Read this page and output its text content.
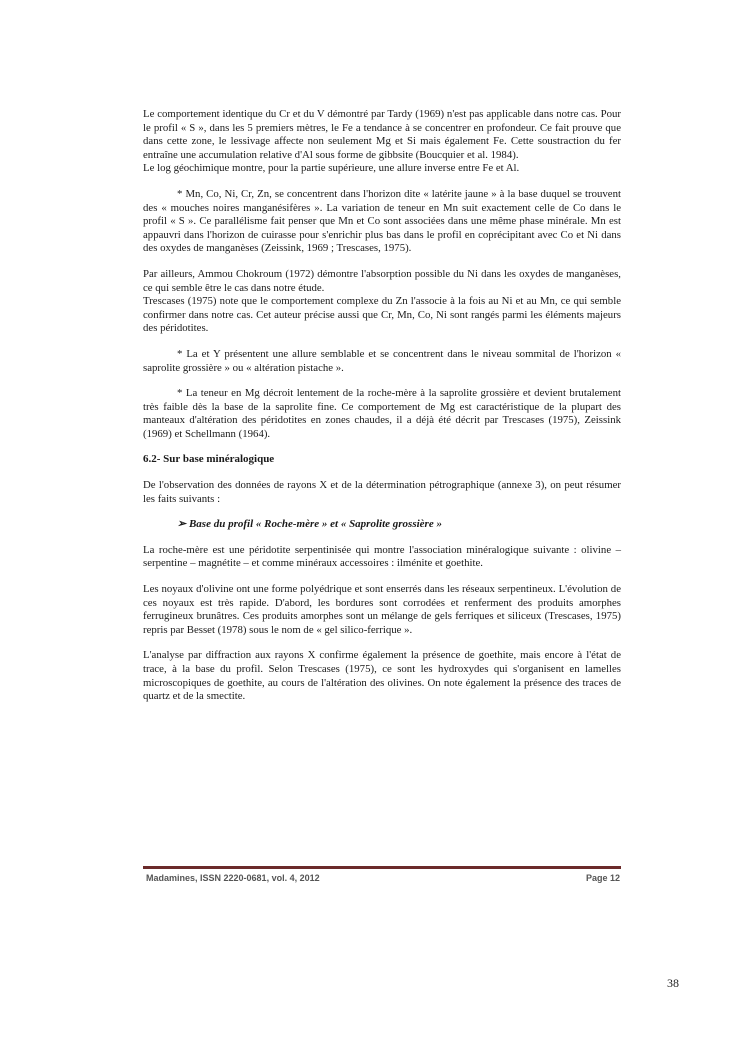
Le comportement identique du Cr et du V démontré par Tardy (1969) n'est pas applicable dans notre cas. Pour le profil « S », dans les 5 premiers mètres, le Fe a tendance à se concentrer en profondeur. Ce fait prouve que dans cette zone, le lessivage affecte non seulement Mg et Si mais également Fe. Cette soustraction du fer entraîne une accumulation relative d'Al sous forme de gibbsite (Boucquier et al. 1984).

Le log géochimique montre, pour la partie supérieure, une allure inverse entre Fe et Al.

* Mn, Co, Ni, Cr, Zn, se concentrent dans l'horizon dite « latérite jaune » à la base duquel se trouvent des « mouches noires manganésifères ». La variation de teneur en Mn suit exactement celle de Co dans le profil « S ». Ce parallélisme fait penser que Mn et Co sont associées dans une même phase minérale. Mn est appauvri dans l'horizon de cuirasse pour s'enrichir plus bas dans le profil en coprécipitant avec Co et Ni dans des oxydes de manganèses (Zeissink, 1969 ; Trescases, 1975).

Par ailleurs, Ammou Chokroum (1972) démontre l'absorption possible du Ni dans les oxydes de manganèses, ce qui semble être le cas dans notre étude.

Trescases (1975) note que le comportement complexe du Zn l'associe à la fois au Ni et au Mn, ce qui semble confirmer dans notre cas. Cet auteur précise aussi que Cr, Mn, Co, Ni sont rangés parmi les éléments majeurs des péridotites.

* La et Y présentent une allure semblable et se concentrent dans le niveau sommital de l'horizon « saprolite grossière » ou « altération pistache ».

* La teneur en Mg décroit lentement de la roche-mère à la saprolite grossière et devient brutalement très faible dès la base de la saprolite fine. Ce comportement de Mg est caractéristique de la plupart des manteaux d'altération des péridotites en zones chaudes, il a déjà été décrit par Trescases (1975), Zeissink (1969) et Schellmann (1964).

6.2- Sur base minéralogique

De l'observation des données de rayons X et de la détermination pétrographique (annexe 3), on peut résumer les faits suivants :

➢ Base du profil « Roche-mère » et « Saprolite grossière »

La roche-mère est une péridotite serpentinisée qui montre l'association minéralogique suivante : olivine – serpentine – magnétite – et comme minéraux accessoires : ilménite et goethite.

Les noyaux d'olivine ont une forme polyédrique et sont enserrés dans les réseaux serpentineux. L'évolution de ces noyaux est très rapide. D'abord, les bordures sont corrodées et renferment des produits amorphes ferrugineux brunâtres. Ces produits amorphes sont un mélange de gels ferriques et siliceux (Trescases, 1975) repris par Besset (1978) sous le nom de « gel silico-ferrique ».

L'analyse par diffraction aux rayons X confirme également la présence de goethite, mais encore à l'état de trace, à la base du profil. Selon Trescases (1975), ce sont les hydroxydes qui s'organisent en lamelles microscopiques de goethite, au cours de l'altération des olivines. On note également la présence des traces de quartz et de la smectite.

Madamines, ISSN 2220-0681, vol. 4, 2012	Page 12
38
